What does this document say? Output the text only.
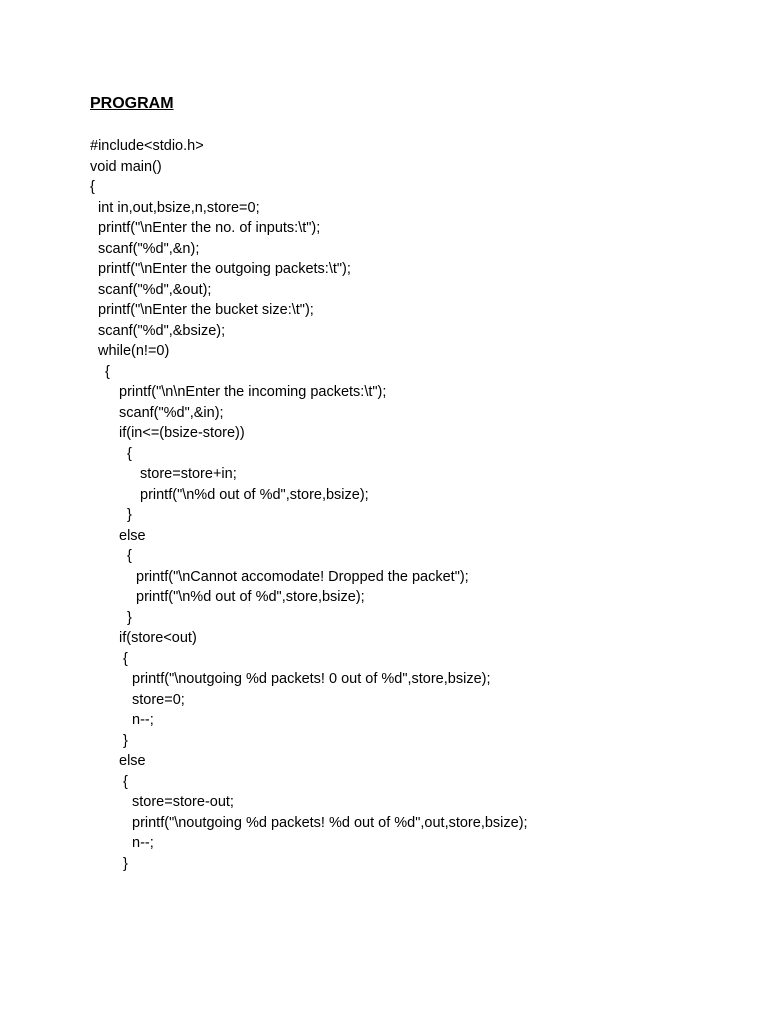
PROGRAM
#include<stdio.h>
void main()
{
int in,out,bsize,n,store=0;
printf("\nEnter the no. of inputs:\t");
scanf("%d",&n);
printf("\nEnter the outgoing packets:\t");
scanf("%d",&out);
printf("\nEnter the bucket size:\t");
scanf("%d",&bsize);
while(n!=0)
{
printf("\n\nEnter the incoming packets:\t");
scanf("%d",&in);
if(in<=(bsize-store))
{
store=store+in;
printf("\n%d out of %d",store,bsize);
}
else
{
printf("\nCannot accomodate! Dropped the packet");
printf("\n%d out of %d",store,bsize);
}
if(store<out)
{
printf("\noutgoing %d packets! 0 out of %d",store,bsize);
store=0;
n--;
}
else
{
store=store-out;
printf("\noutgoing %d packets! %d out of %d",out,store,bsize);
n--;
}
